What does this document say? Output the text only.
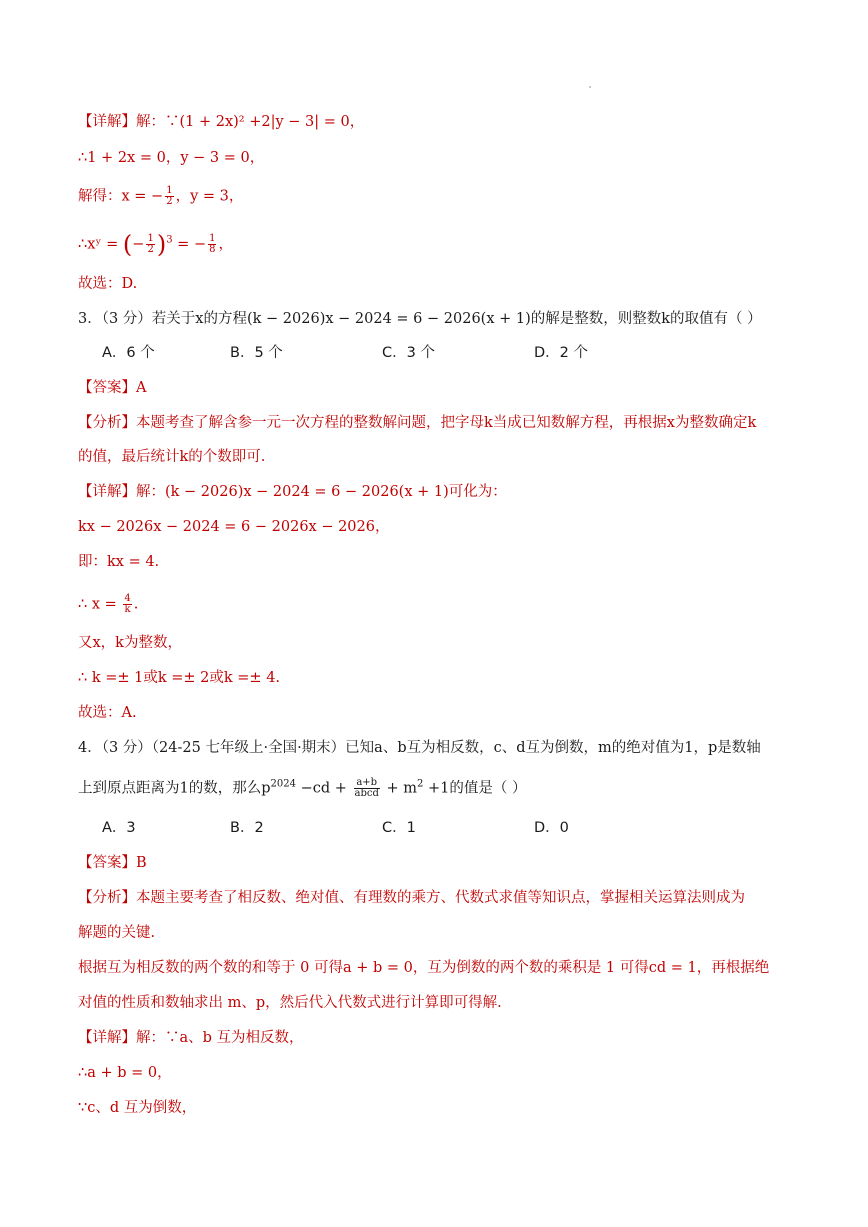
【详解】解：∵(1 + 2x)² +2|y − 3| = 0，
∴1 + 2x = 0，y − 3 = 0，
解得：x = − $\frac{1}{2}$ ，y = 3，
∴xʸ = (− $\frac{1}{2} )^3$ = − $\frac{1}{8}$ ，
故选：D.
3．（3 分）若关于x的方程(k − 2026)x − 2024 = 6 − 2026(x + 1)的解是整数，则整数k的取值有（ ）
A．6 个	B．5 个	C．3 个	D．2 个
【答案】A
【分析】本题考查了解含参一元一次方程的整数解问题，把字母k当成已知数解方程，再根据x为整数确定k
的值，最后统计k的个数即可.
【详解】解：(k − 2026)x − 2024 = 6 − 2026(x + 1)可化为：
kx − 2026x − 2024 = 6 − 2026x − 2026，
即：kx = 4.
∴ $x = \frac{4}{k}$ .
又x，k为整数，
∴ k =± 1或k =± 2或k =± 4.
故选：A.
4．（3 分）（24-25 七年级上·全国·期末）已知a、b互为相反数，c、d互为倒数，m的绝对值为1，p是数轴
上到原点距离为1的数，那么$p^{2024} -cd + \frac{a+b}{\text{abcd}} + m^2 +1$的值是（ ）
A．3	B．2	C．1	D．0
【答案】B
【分析】本题主要考查了相反数、绝对值、有理数的乘方、代数式求值等知识点，掌握相关运算法则成为
解题的关键.
根据互为相反数的两个数的和等于 0 可得a + b = 0，互为倒数的两个数的乘积是 1 可得cd = 1，再根据绝
对值的性质和数轴求出 m、p，然后代入代数式进行计算即可得解.
【详解】解：∵a、b 互为相反数，
∴a + b = 0，
∵c、d 互为倒数，
